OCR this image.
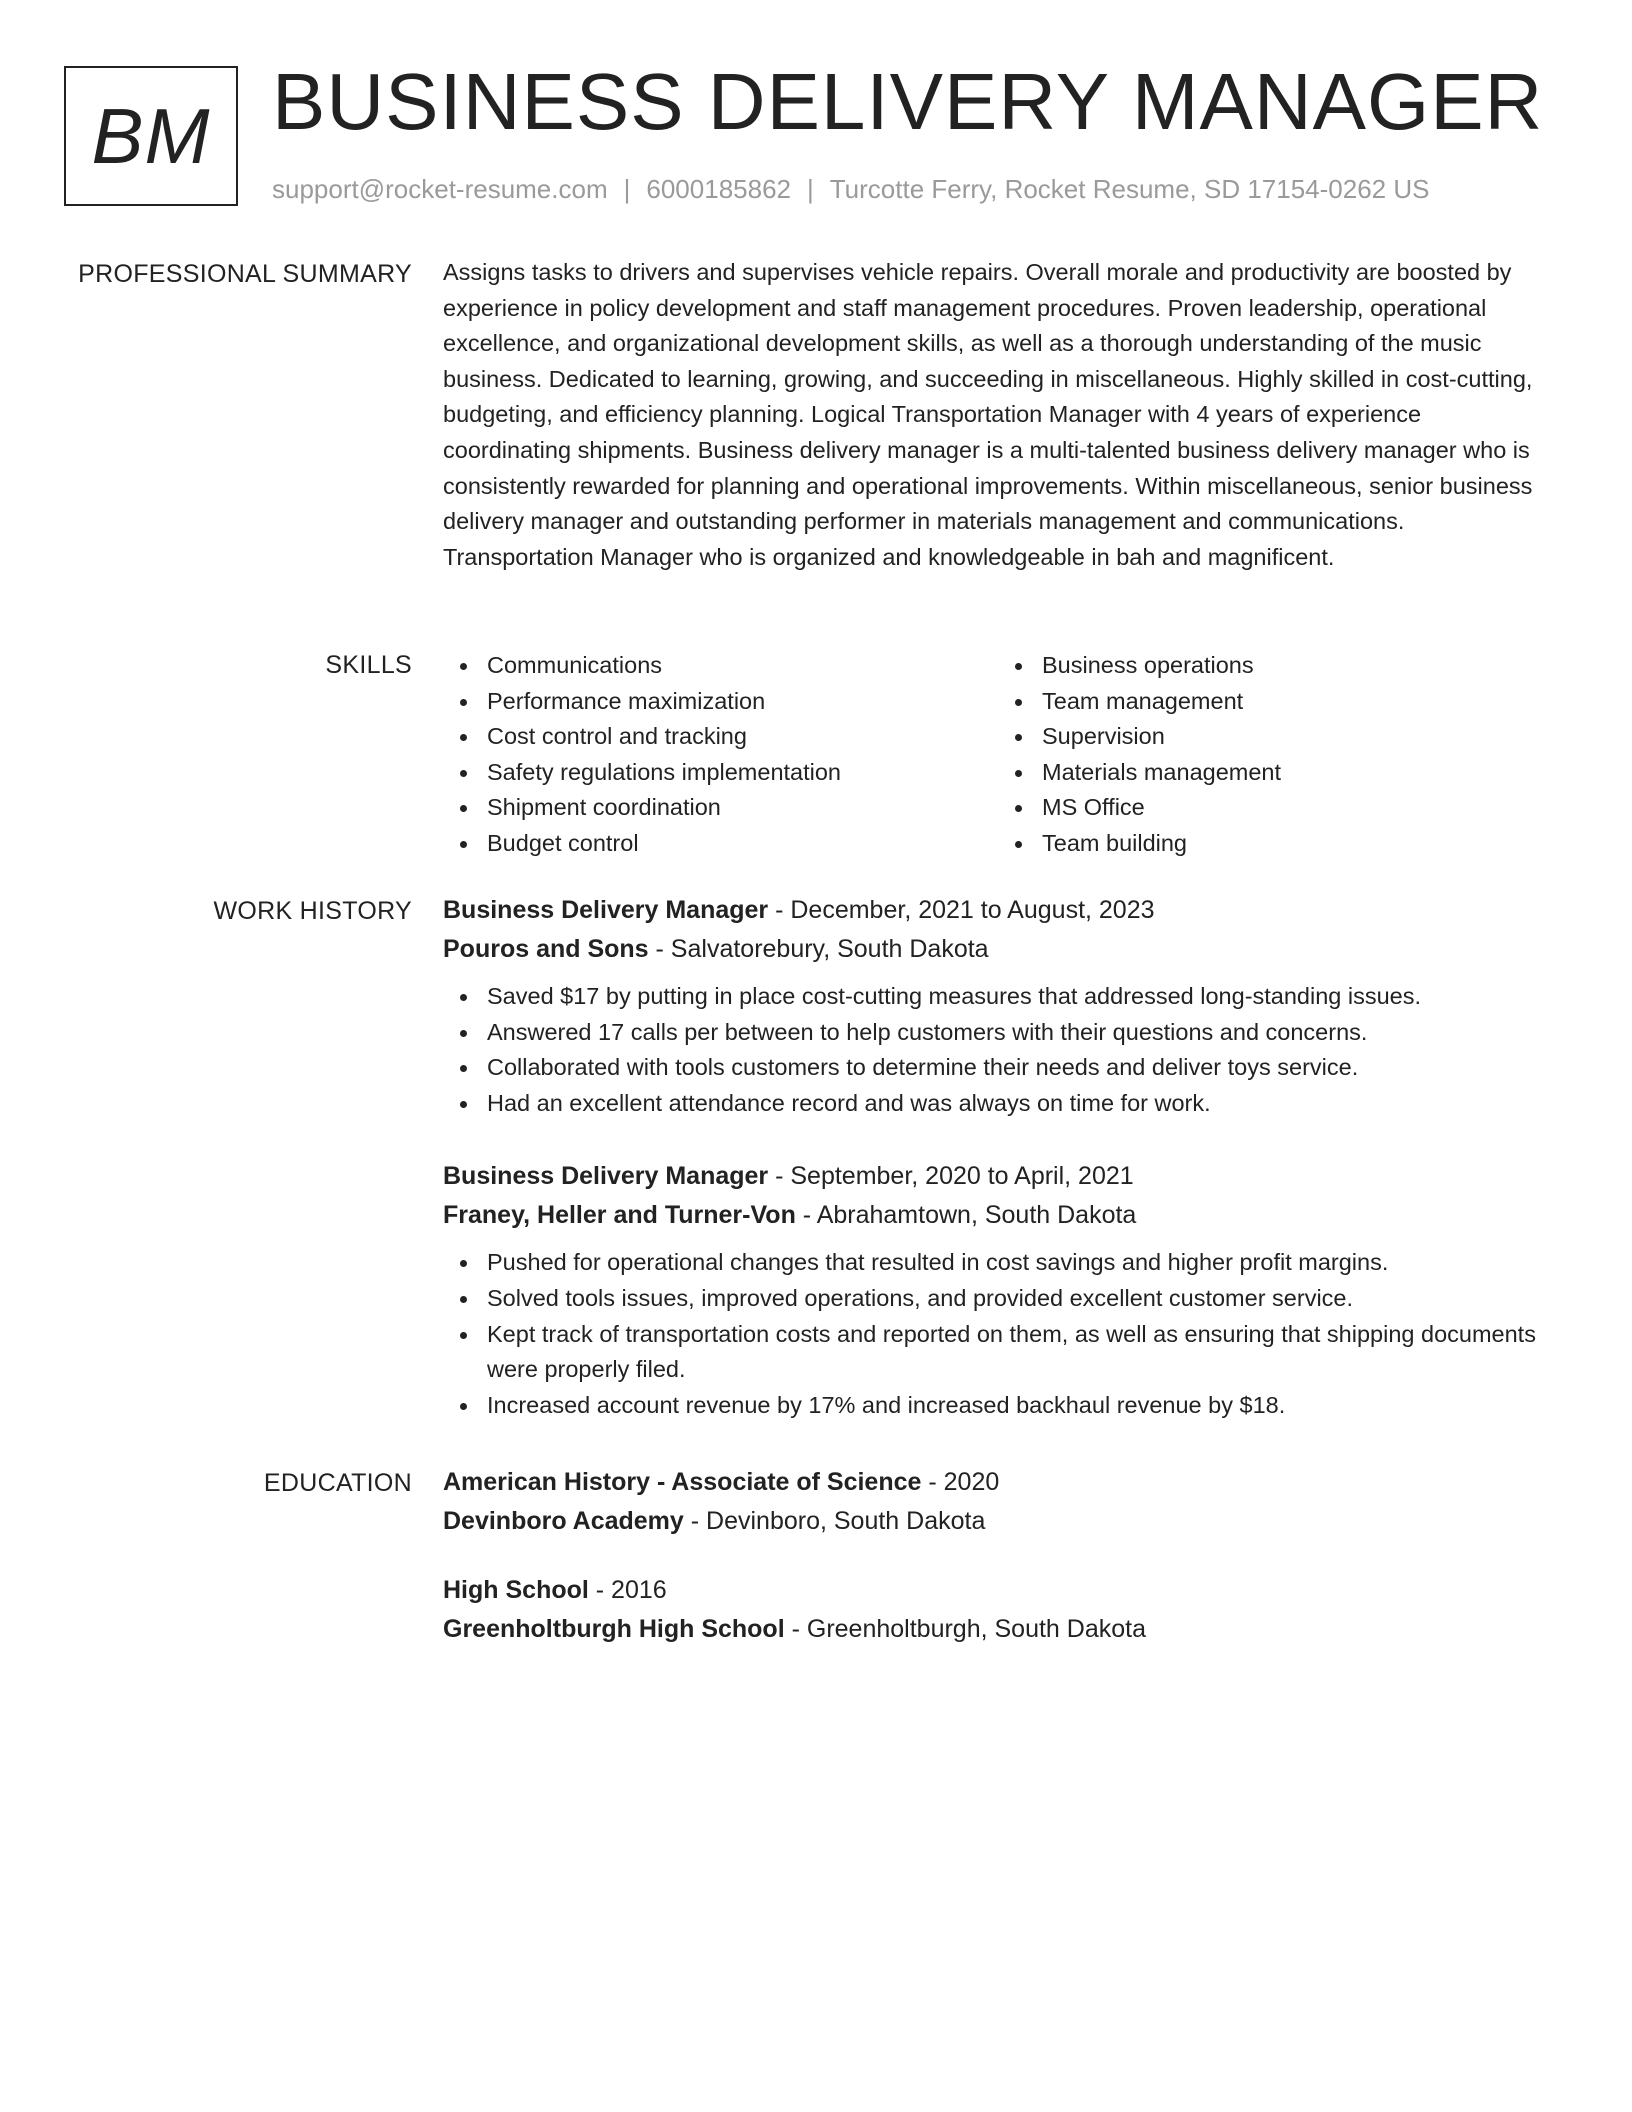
BM BUSINESS DELIVERY MANAGER
support@rocket-resume.com | 6000185862 | Turcotte Ferry, Rocket Resume, SD 17154-0262 US
PROFESSIONAL SUMMARY Assigns tasks to drivers and supervises vehicle repairs. Overall morale and productivity are boosted by experience in policy development and staff management procedures. Proven leadership, operational excellence, and organizational development skills, as well as a thorough understanding of the music business. Dedicated to learning, growing, and succeeding in miscellaneous. Highly skilled in cost-cutting, budgeting, and efficiency planning. Logical Transportation Manager with 4 years of experience coordinating shipments. Business delivery manager is a multi-talented business delivery manager who is consistently rewarded for planning and operational improvements. Within miscellaneous, senior business delivery manager and outstanding performer in materials management and communications. Transportation Manager who is organized and knowledgeable in bah and magnificent.

SKILLS	Communications
Performance maximization
Cost control and tracking
Safety regulations implementation
Shipment coordination
Budget control
Business operations
Team management
Supervision
Materials management
MS Office
Team building
WORK HISTORY Business Delivery Manager - December, 2021 to August, 2023
Pouros and Sons - Salvatorebury, South Dakota
Saved $17 by putting in place cost-cutting measures that addressed long-standing issues.
Answered 17 calls per between to help customers with their questions and concerns.
Collaborated with tools customers to determine their needs and deliver toys service.
Had an excellent attendance record and was always on time for work.
Business Delivery Manager - September, 2020 to April, 2021
Franey, Heller and Turner-Von - Abrahamtown, South Dakota
Pushed for operational changes that resulted in cost savings and higher profit margins.
Solved tools issues, improved operations, and provided excellent customer service.
Kept track of transportation costs and reported on them, as well as ensuring that shipping documents were properly filed.
Increased account revenue by 17% and increased backhaul revenue by $18.
EDUCATION American History - Associate of Science - 2020
Devinboro Academy - Devinboro, South Dakota
High School - 2016
Greenholtburgh High School - Greenholtburgh, South Dakota
